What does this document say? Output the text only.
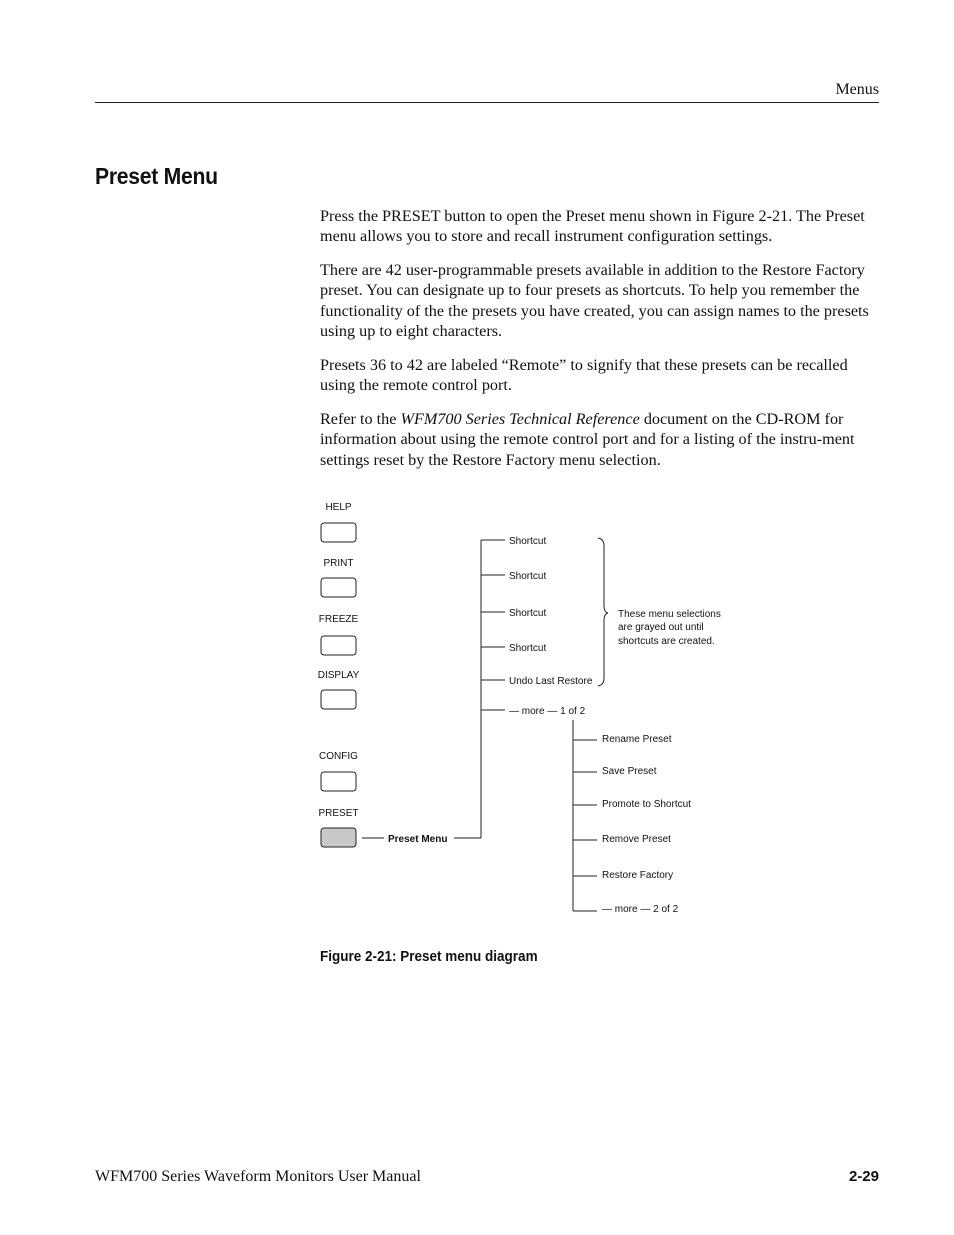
Menus
Preset Menu

Press the PRESET button to open the Preset menu shown in Figure 2-21. The Preset menu allows you to store and recall instrument configuration settings.

There are 42 user-programmable presets available in addition to the Restore Factory preset. You can designate up to four presets as shortcuts. To help you remember the functionality of the the presets you have created, you can assign names to the presets using up to eight characters.

Presets 36 to 42 are labeled “Remote” to signify that these presets can be recalled using the remote control port.

Refer to the WFM700 Series Technical Reference document on the CD-ROM for information about using the remote control port and for a listing of the instru-ment settings reset by the Restore Factory menu selection.

HELP
PRINT
FREEZE
DISPLAY
CONFIG
PRESET
Preset Menu
Shortcut
Shortcut
Shortcut
Shortcut
Undo Last Restore
— more — 1 of 2
These menu selections
are grayed out until
shortcuts are created.
Rename Preset
Save Preset
Promote to Shortcut
Remove Preset
Restore Factory
— more — 2 of 2
Figure 2-21: Preset menu diagram
WFM700 Series Waveform Monitors User Manual	2-29
